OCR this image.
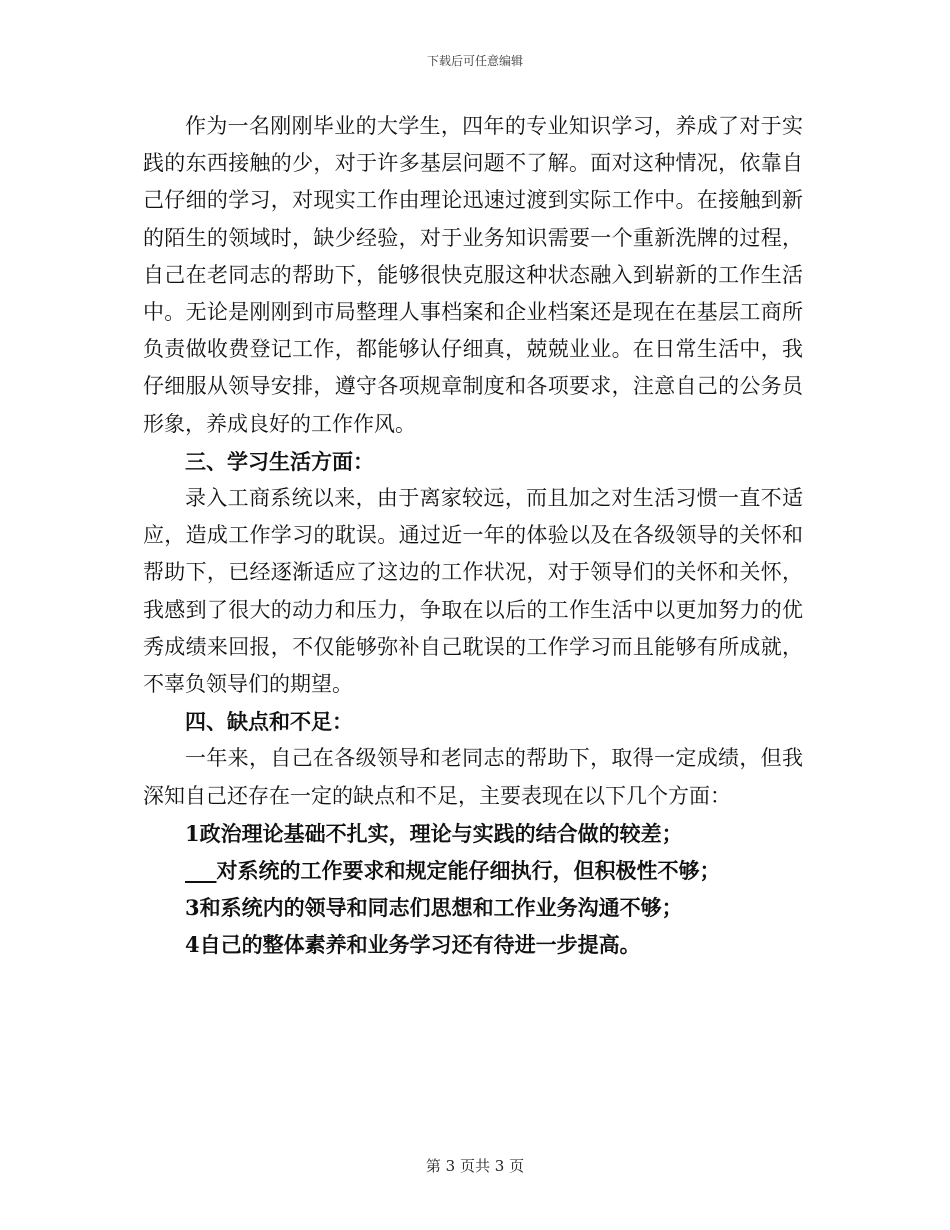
下载后可任意编辑

作为一名刚刚毕业的大学生，四年的专业知识学习，养成了对于实践的东西接触的少，对于许多基层问题不了解。面对这种情况，依靠自己仔细的学习，对现实工作由理论迅速过渡到实际工作中。在接触到新的陌生的领域时，缺少经验，对于业务知识需要一个重新洗牌的过程，自己在老同志的帮助下，能够很快克服这种状态融入到崭新的工作生活中。无论是刚刚到市局整理人事档案和企业档案还是现在在基层工商所负责做收费登记工作，都能够认仔细真，兢兢业业。在日常生活中，我仔细服从领导安排，遵守各项规章制度和各项要求，注意自己的公务员形象，养成良好的工作作风。

三、学习生活方面：

录入工商系统以来，由于离家较远，而且加之对生活习惯一直不适应，造成工作学习的耽误。通过近一年的体验以及在各级领导的关怀和帮助下，已经逐渐适应了这边的工作状况，对于领导们的关怀和关怀，我感到了很大的动力和压力，争取在以后的工作生活中以更加努力的优秀成绩来回报，不仅能够弥补自己耽误的工作学习而且能够有所成就，不辜负领导们的期望。

四、缺点和不足：

一年来，自己在各级领导和老同志的帮助下，取得一定成绩，但我深知自己还存在一定的缺点和不足，主要表现在以下几个方面：

1政治理论基础不扎实，理论与实践的结合做的较差；

___对系统的工作要求和规定能仔细执行，但积极性不够；

3和系统内的领导和同志们思想和工作业务沟通不够；

4自己的整体素养和业务学习还有待进一步提高。

第 3 页共 3 页
